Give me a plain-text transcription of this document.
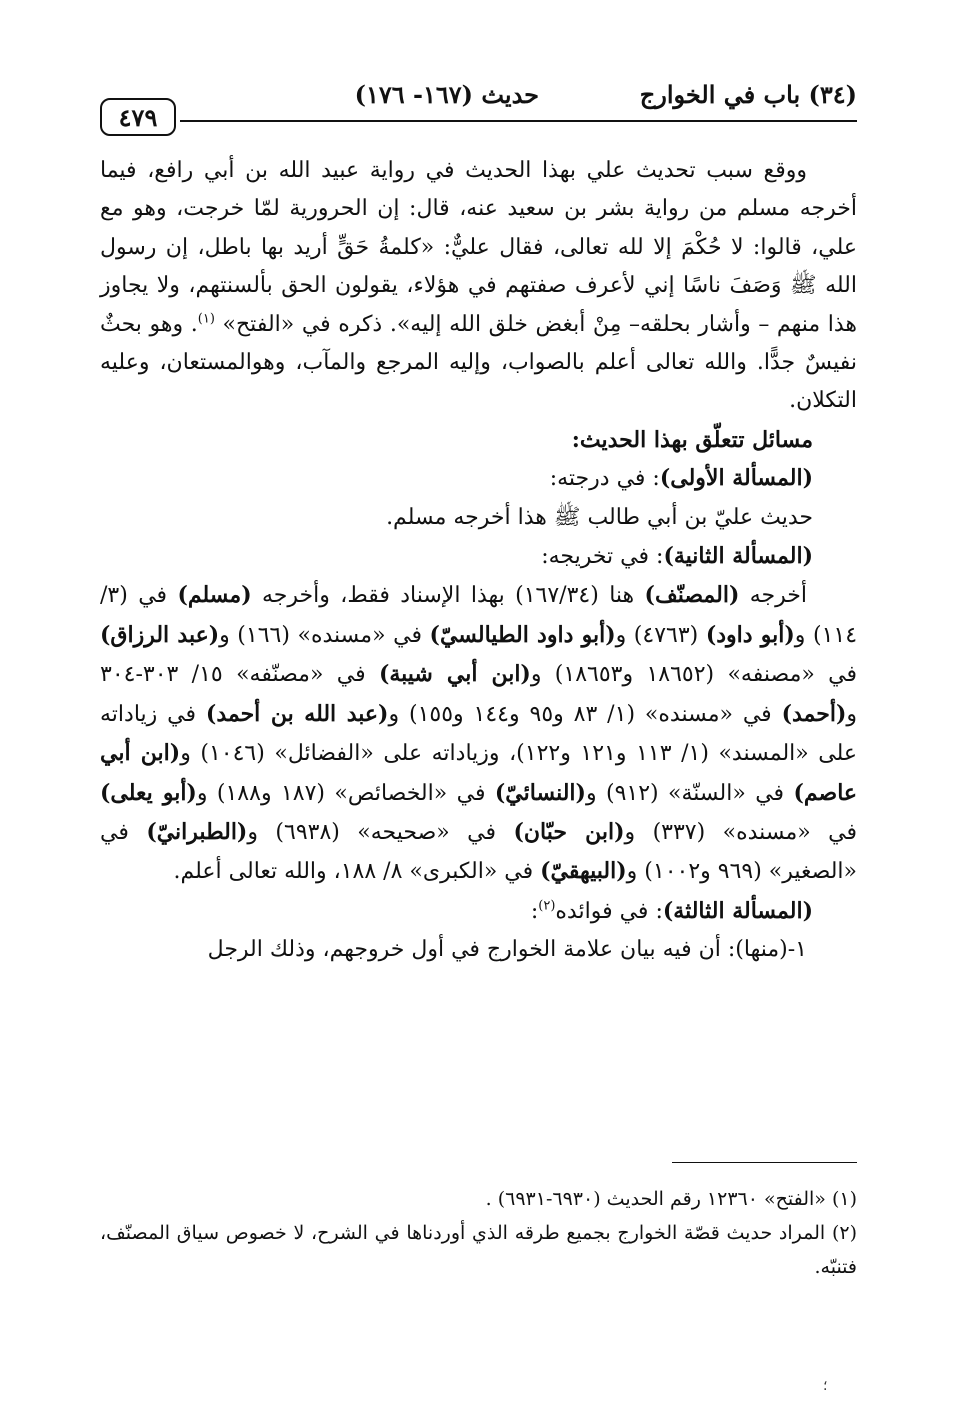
(٣٤) باب في الخوارج
حديث (١٦٧- ١٧٦)
٤٧٩

ووقع سبب تحديث علي بهذا الحديث في رواية عبيد الله بن أبي رافع، فيما أخرجه مسلم من رواية بشر بن سعيد عنه، قال: إن الحرورية لمّا خرجت، وهو مع علي، قالوا: لا حُكْمَ إلا لله تعالى، فقال عليٌّ: «كلمةُ حَقٍّ أريد بها باطل، إن رسول الله ﷺ وَصَفَ ناسًا إني لأعرف صفتهم في هؤلاء، يقولون الحق بألسنتهم، ولا يجاوز هذا منهم – وأشار بحلقه– مِنْ أبغض خلق الله إليه». ذكره في «الفتح» $^{(١)}$. وهو بحثٌ نفيسٌ جدًّا. والله تعالى أعلم بالصواب، وإليه المرجع والمآب، وهوالمستعان، وعليه التكلان.

مسائل تتعلّق بهذا الحديث:

(المسألة الأولى): في درجته:

حديث عليّ بن أبي طالب ﷺ هذا أخرجه مسلم.

(المسألة الثانية): في تخريجه:

أخرجه (المصنّف) هنا (١٦٧/٣٤) بهذا الإسناد فقط، وأخرجه (مسلم) في (٣/ ١١٤) و(أبو داود) (٤٧٦٣) و(أبو داود الطيالسيّ) في «مسنده» (١٦٦) و(عبد الرزاق) في «مصنفه» (١٨٦٥٢ و١٨٦٥٣) و(ابن أبي شيبة) في «مصنّفه» ١٥/ ٣٠٣-٣٠٤ و(أحمد) في «مسنده» (١/ ٨٣ و٩٥ و١٤٤ و١٥٥) و(عبد الله بن أحمد) في زياداته على «المسند» (١/ ١١٣ و١٢١ و١٢٢)، وزياداته على «الفضائل» (١٠٤٦) و(ابن أبي عاصم) في «السنّة» (٩١٢) و(النسائيّ) في «الخصائص» (١٨٧ و١٨٨) و(أبو يعلى) في «مسنده» (٣٣٧) و(ابن حبّان) في «صحيحه» (٦٩٣٨) و(الطبرانيّ) في «الصغير» (٩٦٩ و١٠٠٢) و(البيهقيّ) في «الكبرى» ٨/ ١٨٨، والله تعالى أعلم.

(المسألة الثالثة): في فوائده$^{(٢)}$:

١-(منها): أن فيه بيان علامة الخوارج في أول خروجهم، وذلك الرجل

(١) «الفتح» ١٢٣٦٠ رقم الحديث (٦٩٣٠-٦٩٣١) .

(٢) المراد حديث قصّة الخوارج بجميع طرقه الذي أوردناها في الشرح، لا خصوص سياق المصنّف، فتنبّه.

؛
